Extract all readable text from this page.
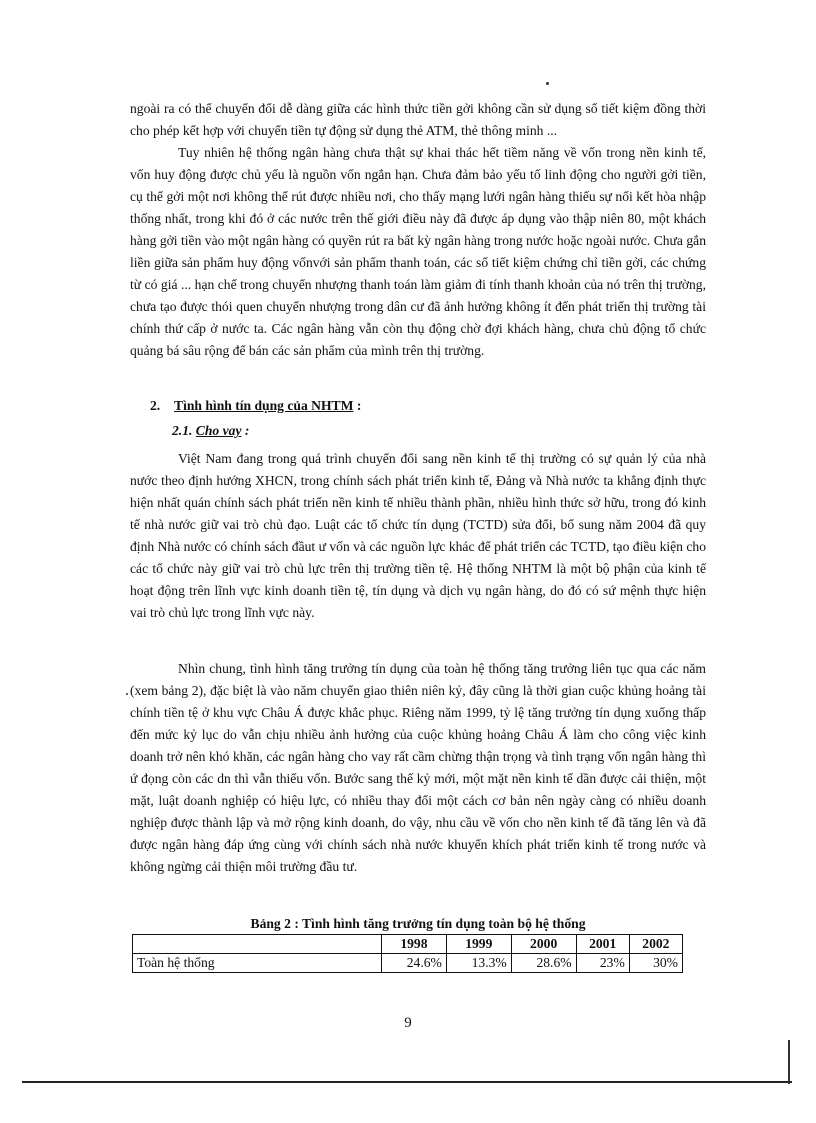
ngoài ra có thể chuyển đổi dễ dàng giữa các hình thức tiền gởi không cần sử dụng sổ tiết kiệm đồng thời cho phép kết hợp với chuyển tiền tự động sử dụng thẻ ATM, thẻ thông minh ...

Tuy nhiên hệ thống ngân hàng chưa thật sự khai thác hết tiềm năng về vốn trong nền kinh tế, vốn huy động được chủ yếu là nguồn vốn ngắn hạn. Chưa đảm bảo yếu tố linh động cho người gởi tiền, cụ thể gởi một nơi không thể rút được nhiều nơi, cho thấy mạng lưới ngân hàng thiếu sự nối kết hòa nhập thống nhất, trong khi đó ở các nước trên thế giới điều này đã được áp dụng vào thập niên 80, một khách hàng gởi tiền vào một ngân hàng có quyền rút ra bất kỳ ngân hàng trong nước hoặc ngoài nước. Chưa gắn liền giữa sản phẩm huy động vốnvới sản phẩm thanh toán, các sổ tiết kiệm chứng chỉ tiền gởi, các chứng từ có giá ... hạn chế trong chuyển nhượng thanh toán làm giảm đi tính thanh khoản của nó trên thị trường, chưa tạo được thói quen chuyển nhượng trong dân cư đã ảnh hưởng không ít đến phát triển thị trường tài chính thứ cấp ở nước ta. Các ngân hàng vẫn còn thụ động chờ đợi khách hàng, chưa chủ động tổ chức quảng bá sâu rộng để bán các sản phẩm của mình trên thị trường.

2. Tình hình tín dụng của NHTM :
2.1. Cho vay :

Việt Nam đang trong quá trình chuyển đổi sang nền kinh tế thị trường có sự quản lý của nhà nước theo định hướng XHCN, trong chính sách phát triển kinh tế, Đảng và Nhà nước ta khẳng định thực hiện nhất quán chính sách phát triển nền kinh tế nhiều thành phần, nhiều hình thức sở hữu, trong đó kinh tế nhà nước giữ vai trò chủ đạo. Luật các tổ chức tín dụng (TCTD) sửa đổi, bổ sung năm 2004 đã quy định Nhà nước có chính sách đầut ư vốn và các nguồn lực khác để phát triển các TCTD, tạo điều kiện cho các tổ chức này giữ vai trò chủ lực trên thị trường tiền tệ. Hệ thống NHTM là một bộ phận của kinh tế hoạt động trên lĩnh vực kinh doanh tiền tệ, tín dụng và dịch vụ ngân hàng, do đó có sứ mệnh thực hiện vai trò chủ lực trong lĩnh vực này.

Nhìn chung, tình hình tăng trưởng tín dụng của toàn hệ thống tăng trưởng liên tục qua các năm (xem bảng 2), đặc biệt là vào năm chuyển giao thiên niên kỷ, đây cũng là thời gian cuộc khủng hoảng tài chính tiền tệ ở khu vực Châu Á được khắc phục. Riêng năm 1999, tỷ lệ tăng trưởng tín dụng xuống thấp đến mức kỷ lục do vẫn chịu nhiều ảnh hưởng của cuộc khủng hoảng Châu Á làm cho công việc kinh doanh trở nên khó khăn, các ngân hàng cho vay rất cầm chừng thận trọng và tình trạng vốn ngân hàng thì ứ đọng còn các dn thì vẫn thiếu vốn. Bước sang thế kỷ mới, một mặt nền kinh tế dần được cải thiện, một mặt, luật doanh nghiệp có hiệu lực, có nhiều thay đổi một cách cơ bản nên ngày càng có nhiều doanh nghiệp được thành lập và mở rộng kinh doanh, do vậy, nhu cầu về vốn cho nền kinh tế đã tăng lên và đã được ngân hàng đáp ứng cùng với chính sách nhà nước khuyến khích phát triển kinh tế trong nước và không ngừng cải thiện môi trường đầu tư.

Bảng 2 : Tình hình tăng trưởng tín dụng toàn bộ hệ thống
	1998	1999	2000	2001	2002
Toàn hệ thống	24.6%	13.3%	28.6%	23%	30%
9
